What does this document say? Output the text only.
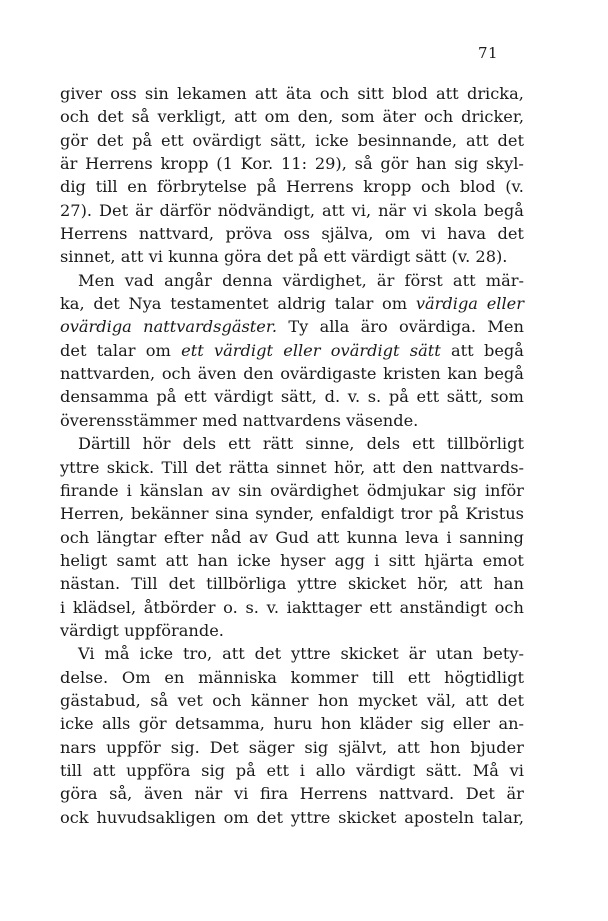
71
giver oss sin lekamen att äta och sitt blod att dricka,
och det så verkligt, att om den, som äter och dricker,
gör det på ett ovärdigt sätt, icke besinnande, att det
är Herrens kropp (1 Kor. 11: 29), så gör han sig skyl-
dig till en förbrytelse på Herrens kropp och blod (v.
27). Det är därför nödvändigt, att vi, när vi skola begå
Herrens nattvard, pröva oss själva, om vi hava det
sinnet, att vi kunna göra det på ett värdigt sätt (v. 28).
Men vad angår denna värdighet, är först att mär-
ka, det Nya testamentet aldrig talar om värdiga eller
ovärdiga nattvardsgäster. Ty alla äro ovärdiga. Men
det talar om ett värdigt eller ovärdigt sätt att begå
nattvarden, och även den ovärdigaste kristen kan begå
densamma på ett värdigt sätt, d. v. s. på ett sätt, som
överensstämmer med nattvardens väsende.
Därtill hör dels ett rätt sinne, dels ett tillbörligt
yttre skick. Till det rätta sinnet hör, att den nattvards-
firande i känslan av sin ovärdighet ödmjukar sig inför
Herren, bekänner sina synder, enfaldigt tror på Kristus
och längtar efter nåd av Gud att kunna leva i sanning
heligt samt att han icke hyser agg i sitt hjärta emot
nästan. Till det tillbörliga yttre skicket hör, att han
i klädsel, åtbörder o. s. v. iakttager ett anständigt och
värdigt uppförande.
Vi må icke tro, att det yttre skicket är utan bety-
delse. Om en människa kommer till ett högtidligt
gästabud, så vet och känner hon mycket väl, att det
icke alls gör detsamma, huru hon kläder sig eller an-
nars uppför sig. Det säger sig självt, att hon bjuder
till att uppföra sig på ett i allo värdigt sätt. Må vi
göra så, även när vi fira Herrens nattvard. Det är
ock huvudsakligen om det yttre skicket aposteln talar,
